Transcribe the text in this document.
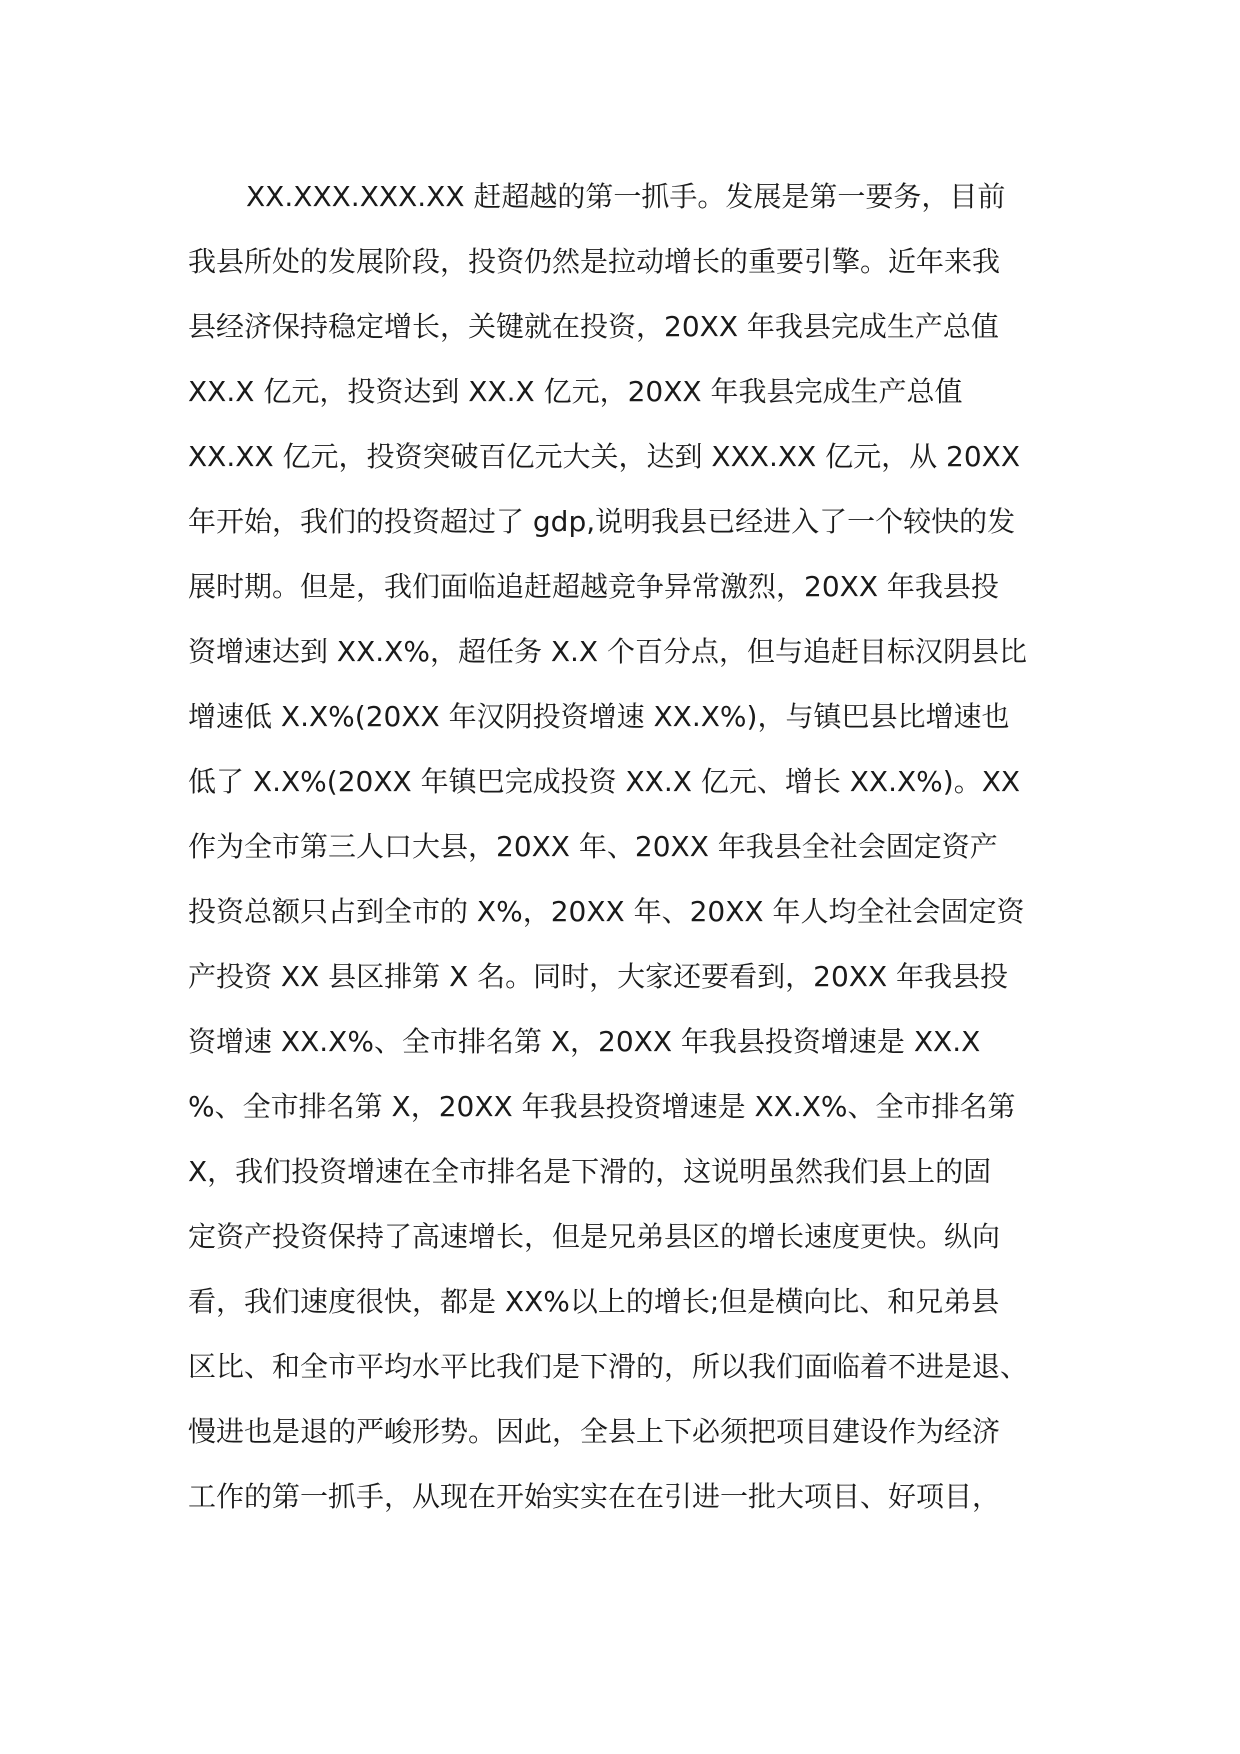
XX.XXX.XXX.XX 赶超越的第一抓手。发展是第一要务，目前
我县所处的发展阶段，投资仍然是拉动增长的重要引擎。近年来我
县经济保持稳定增长，关键就在投资，20XX 年我县完成生产总值
XX.X 亿元，投资达到 XX.X 亿元，20XX 年我县完成生产总值
XX.XX 亿元，投资突破百亿元大关，达到 XXX.XX 亿元，从 20XX
年开始，我们的投资超过了 gdp,说明我县已经进入了一个较快的发
展时期。但是，我们面临追赶超越竞争异常激烈，20XX 年我县投
资增速达到 XX.X%，超任务 X.X 个百分点，但与追赶目标汉阴县比
增速低 X.X%(20XX 年汉阴投资增速 XX.X%)，与镇巴县比增速也
低了 X.X%(20XX 年镇巴完成投资 XX.X 亿元、增长 XX.X%)。XX
作为全市第三人口大县，20XX 年、20XX 年我县全社会固定资产
投资总额只占到全市的 X%，20XX 年、20XX 年人均全社会固定资
产投资 XX 县区排第 X 名。同时，大家还要看到，20XX 年我县投
资增速 XX.X%、全市排名第 X，20XX 年我县投资增速是 XX.X
%、全市排名第 X，20XX 年我县投资增速是 XX.X%、全市排名第
X，我们投资增速在全市排名是下滑的，这说明虽然我们县上的固
定资产投资保持了高速增长，但是兄弟县区的增长速度更快。纵向
看，我们速度很快，都是 XX%以上的增长;但是横向比、和兄弟县
区比、和全市平均水平比我们是下滑的，所以我们面临着不进是退、
慢进也是退的严峻形势。因此，全县上下必须把项目建设作为经济
工作的第一抓手，从现在开始实实在在引进一批大项目、好项目，
